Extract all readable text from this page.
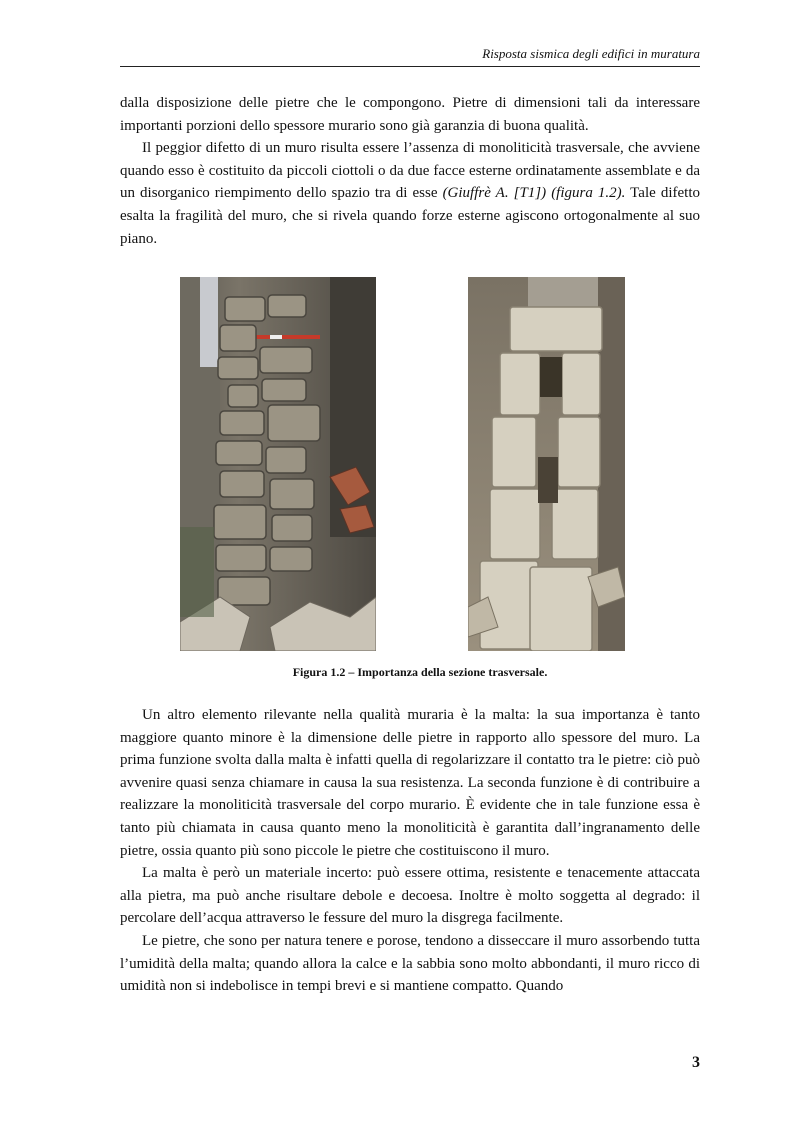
Risposta sismica degli edifici in muratura

dalla disposizione delle pietre che le compongono. Pietre di dimensioni tali da interessare importanti porzioni dello spessore murario sono già garanzia di buona qualità.

Il peggior difetto di un muro risulta essere l’assenza di monoliticità trasversale, che avviene quando esso è costituito da piccoli ciottoli o da due facce esterne ordinatamente assemblate e da un disorganico riempimento dello spazio tra di esse (Giuffrè A. [T1]) (figura 1.2). Tale difetto esalta la fragilità del muro, che si rivela quando forze esterne agiscono ortogonalmente al suo piano.

Figura 1.2 – Importanza della sezione trasversale.

Un altro elemento rilevante nella qualità muraria è la malta: la sua importanza è tanto maggiore quanto minore è la dimensione delle pietre in rapporto allo spessore del muro. La prima funzione svolta dalla malta è infatti quella di regolarizzare il contatto tra le pietre: ciò può avvenire quasi senza chiamare in causa la sua resistenza. La seconda funzione è di contribuire a realizzare la monoliticità trasversale del corpo murario. È evidente che in tale funzione essa è tanto più chiamata in causa quanto meno la monoliticità è garantita dall’ingranamento delle pietre, ossia quanto più sono piccole le pietre che costituiscono il muro.

La malta è però un materiale incerto: può essere ottima, resistente e tenacemente attaccata alla pietra, ma può anche risultare debole e decoesa. Inoltre è molto soggetta al degrado: il percolare dell’acqua attraverso le fessure del muro la disgrega facilmente.

Le pietre, che sono per natura tenere e porose, tendono a disseccare il muro assorbendo tutta l’umidità della malta; quando allora la calce e la sabbia sono molto abbondanti, il muro ricco di umidità non si indebolisce in tempi brevi e si mantiene compatto. Quando

3
